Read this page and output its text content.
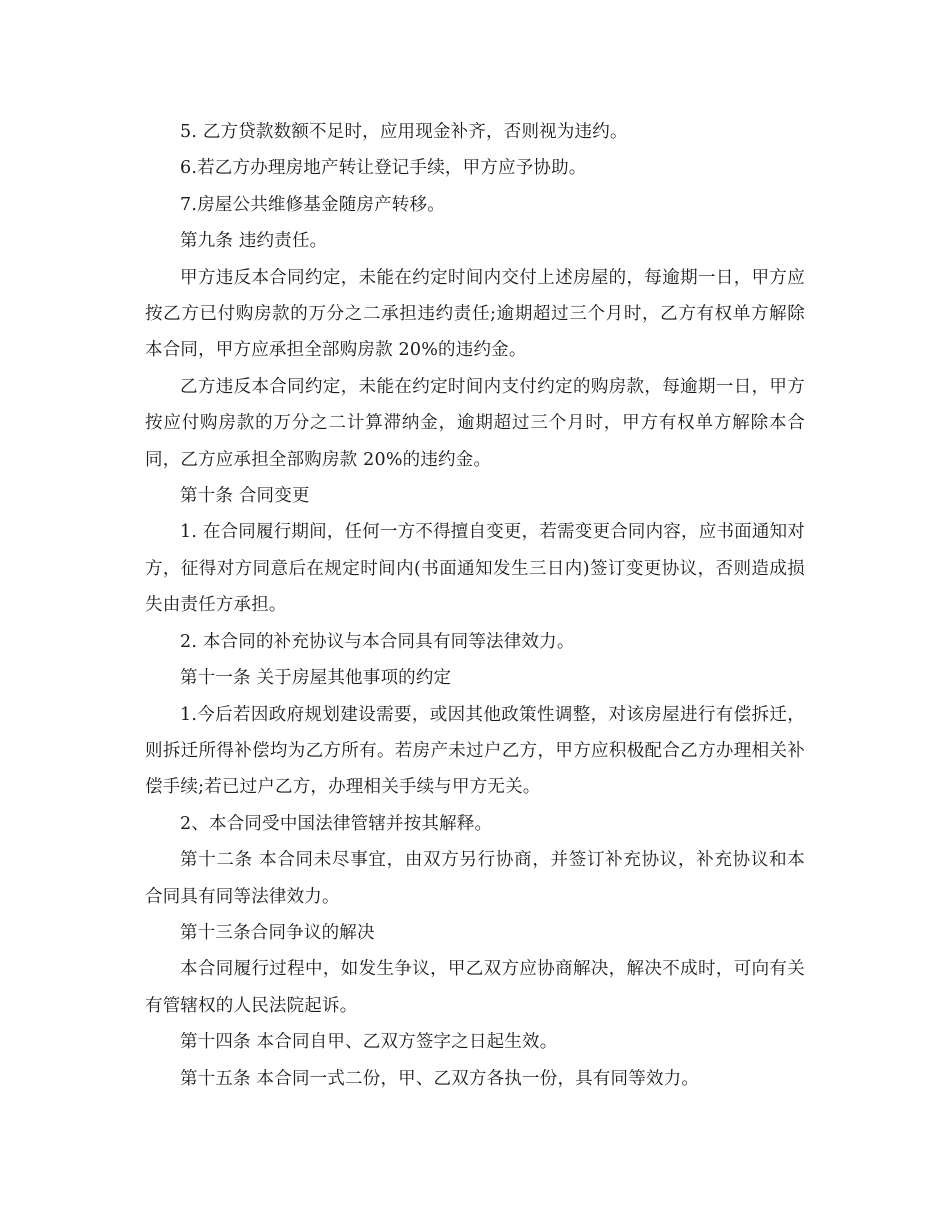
5. 乙方贷款数额不足时，应用现金补齐，否则视为违约。

6.若乙方办理房地产转让登记手续，甲方应予协助。

7.房屋公共维修基金随房产转移。

第九条 违约责任。

甲方违反本合同约定，未能在约定时间内交付上述房屋的，每逾期一日，甲方应按乙方已付购房款的万分之二承担违约责任;逾期超过三个月时，乙方有权单方解除本合同，甲方应承担全部购房款 20%的违约金。

乙方违反本合同约定，未能在约定时间内支付约定的购房款，每逾期一日，甲方按应付购房款的万分之二计算滞纳金，逾期超过三个月时，甲方有权单方解除本合同，乙方应承担全部购房款 20%的违约金。

第十条 合同变更

1. 在合同履行期间，任何一方不得擅自变更，若需变更合同内容，应书面通知对方，征得对方同意后在规定时间内(书面通知发生三日内)签订变更协议，否则造成损失由责任方承担。

2. 本合同的补充协议与本合同具有同等法律效力。

第十一条 关于房屋其他事项的约定

1.今后若因政府规划建设需要，或因其他政策性调整，对该房屋进行有偿拆迁，则拆迁所得补偿均为乙方所有。若房产未过户乙方，甲方应积极配合乙方办理相关补偿手续;若已过户乙方，办理相关手续与甲方无关。

2、本合同受中国法律管辖并按其解释。

第十二条 本合同未尽事宜，由双方另行协商，并签订补充协议，补充协议和本合同具有同等法律效力。

第十三条合同争议的解决

本合同履行过程中，如发生争议，甲乙双方应协商解决，解决不成时，可向有关有管辖权的人民法院起诉。

第十四条 本合同自甲、乙双方签字之日起生效。

第十五条 本合同一式二份，甲、乙双方各执一份，具有同等效力。
